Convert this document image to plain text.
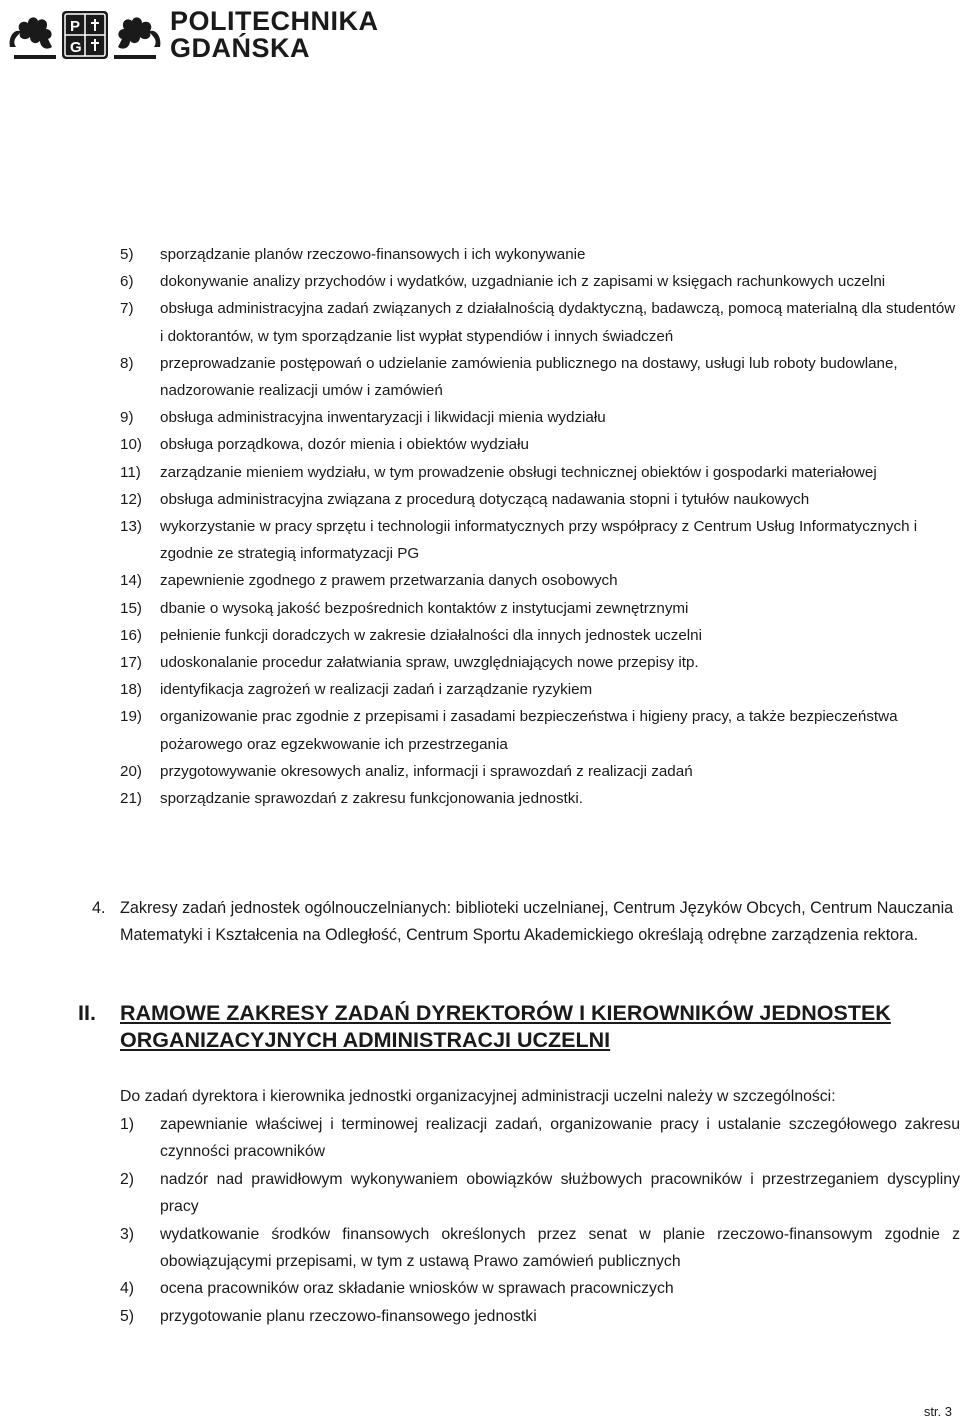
P
G
POLITECHNIKA
GDAŃSKA
5) sporządzanie planów rzeczowo-finansowych i ich wykonywanie
6) dokonywanie analizy przychodów i wydatków, uzgadnianie ich z zapisami w księgach rachunkowych uczelni
7) obsługa administracyjna zadań związanych z działalnością dydaktyczną, badawczą, pomocą materialną dla studentów i doktorantów, w tym sporządzanie list wypłat stypendiów i innych świadczeń
8) przeprowadzanie postępowań o udzielanie zamówienia publicznego na dostawy, usługi lub roboty budowlane, nadzorowanie realizacji umów i zamówień
9) obsługa administracyjna inwentaryzacji i likwidacji mienia wydziału
10) obsługa porządkowa, dozór mienia i obiektów wydziału
11) zarządzanie mieniem wydziału, w tym prowadzenie obsługi technicznej obiektów i gospodarki materiałowej
12) obsługa administracyjna związana z procedurą dotyczącą nadawania stopni i tytułów naukowych
13) wykorzystanie w pracy sprzętu i technologii informatycznych przy współpracy z Centrum Usług Informatycznych i zgodnie ze strategią informatyzacji PG
14) zapewnienie zgodnego z prawem przetwarzania danych osobowych
15) dbanie o wysoką jakość bezpośrednich kontaktów z instytucjami zewnętrznymi
16) pełnienie funkcji doradczych w zakresie działalności dla innych jednostek uczelni
17) udoskonalanie procedur załatwiania spraw, uwzględniających nowe przepisy itp.
18) identyfikacja zagrożeń w realizacji zadań i zarządzanie ryzykiem
19) organizowanie prac zgodnie z przepisami i zasadami bezpieczeństwa i higieny pracy, a także bezpieczeństwa pożarowego oraz egzekwowanie ich przestrzegania
20) przygotowywanie okresowych analiz, informacji i sprawozdań z realizacji zadań
21) sporządzanie sprawozdań z zakresu funkcjonowania jednostki.
4. Zakresy zadań jednostek ogólnouczelnianych: biblioteki uczelnianej, Centrum Języków Obcych, Centrum Nauczania Matematyki i Kształcenia na Odległość, Centrum Sportu Akademickiego określają odrębne zarządzenia rektora.
II.	RAMOWE ZAKRESY ZADAŃ DYREKTORÓW I KIEROWNIKÓW JEDNOSTEK ORGANIZACYJNYCH ADMINISTRACJI UCZELNI
Do zadań dyrektora i kierownika jednostki organizacyjnej administracji uczelni należy w szczególności:
1) zapewnianie właściwej i terminowej realizacji zadań, organizowanie pracy i ustalanie szczegółowego zakresu czynności pracowników
2) nadzór nad prawidłowym wykonywaniem obowiązków służbowych pracowników i przestrzeganiem dyscypliny pracy
3) wydatkowanie środków finansowych określonych przez senat w planie rzeczowo-finansowym zgodnie z obowiązującymi przepisami, w tym z ustawą Prawo zamówień publicznych
4) ocena pracowników oraz składanie wniosków w sprawach pracowniczych
5) przygotowanie planu rzeczowo-finansowego jednostki
str. 3
